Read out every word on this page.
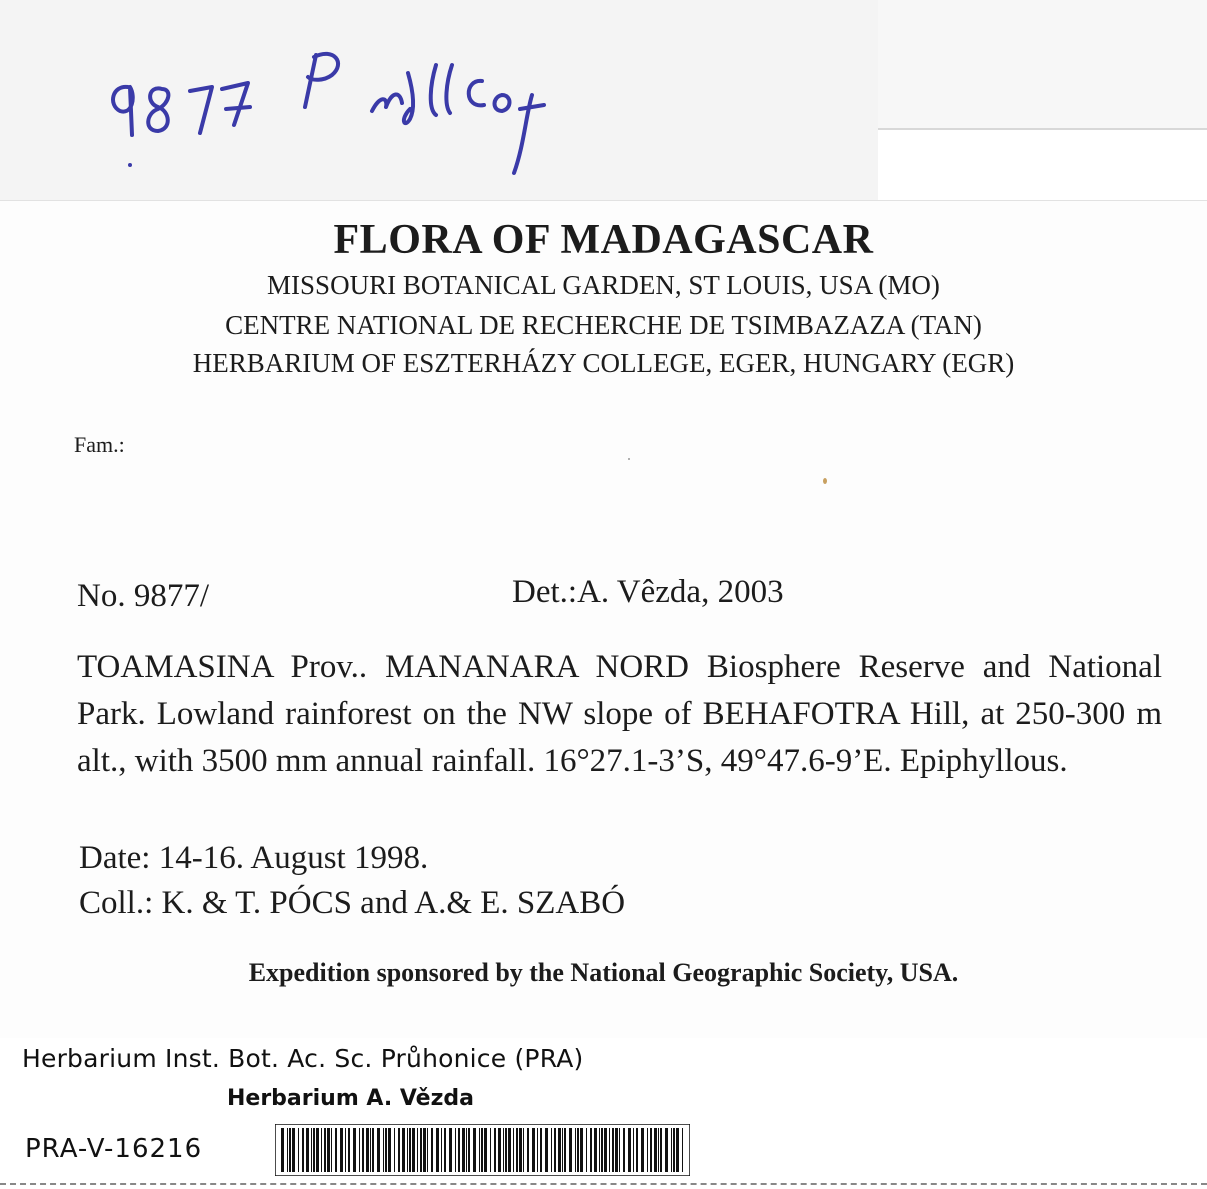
FLORA OF MADAGASCAR
MISSOURI BOTANICAL GARDEN, ST LOUIS, USA (MO)
CENTRE NATIONAL DE RECHERCHE DE TSIMBAZAZA (TAN)
HERBARIUM OF ESZTERHÁZY COLLEGE, EGER, HUNGARY (EGR)
Fam.:
No. 9877/	Det.:A. Vêzda, 2003
TOAMASINA Prov.. MANANARA NORD Biosphere Reserve and National Park. Lowland rainforest on the NW slope of BEHAFOTRA Hill, at 250-300 m alt., with 3500 mm annual rainfall. 16°27.1-3’S, 49°47.6-9’E. Epiphyllous.
Date: 14-16. August 1998.
Coll.: K. & T. PÓCS and A.& E. SZABÓ
Expedition sponsored by the National Geographic Society, USA.
Herbarium Inst. Bot. Ac. Sc. Průhonice (PRA)
Herbarium A. Vězda
PRA-V-16216
